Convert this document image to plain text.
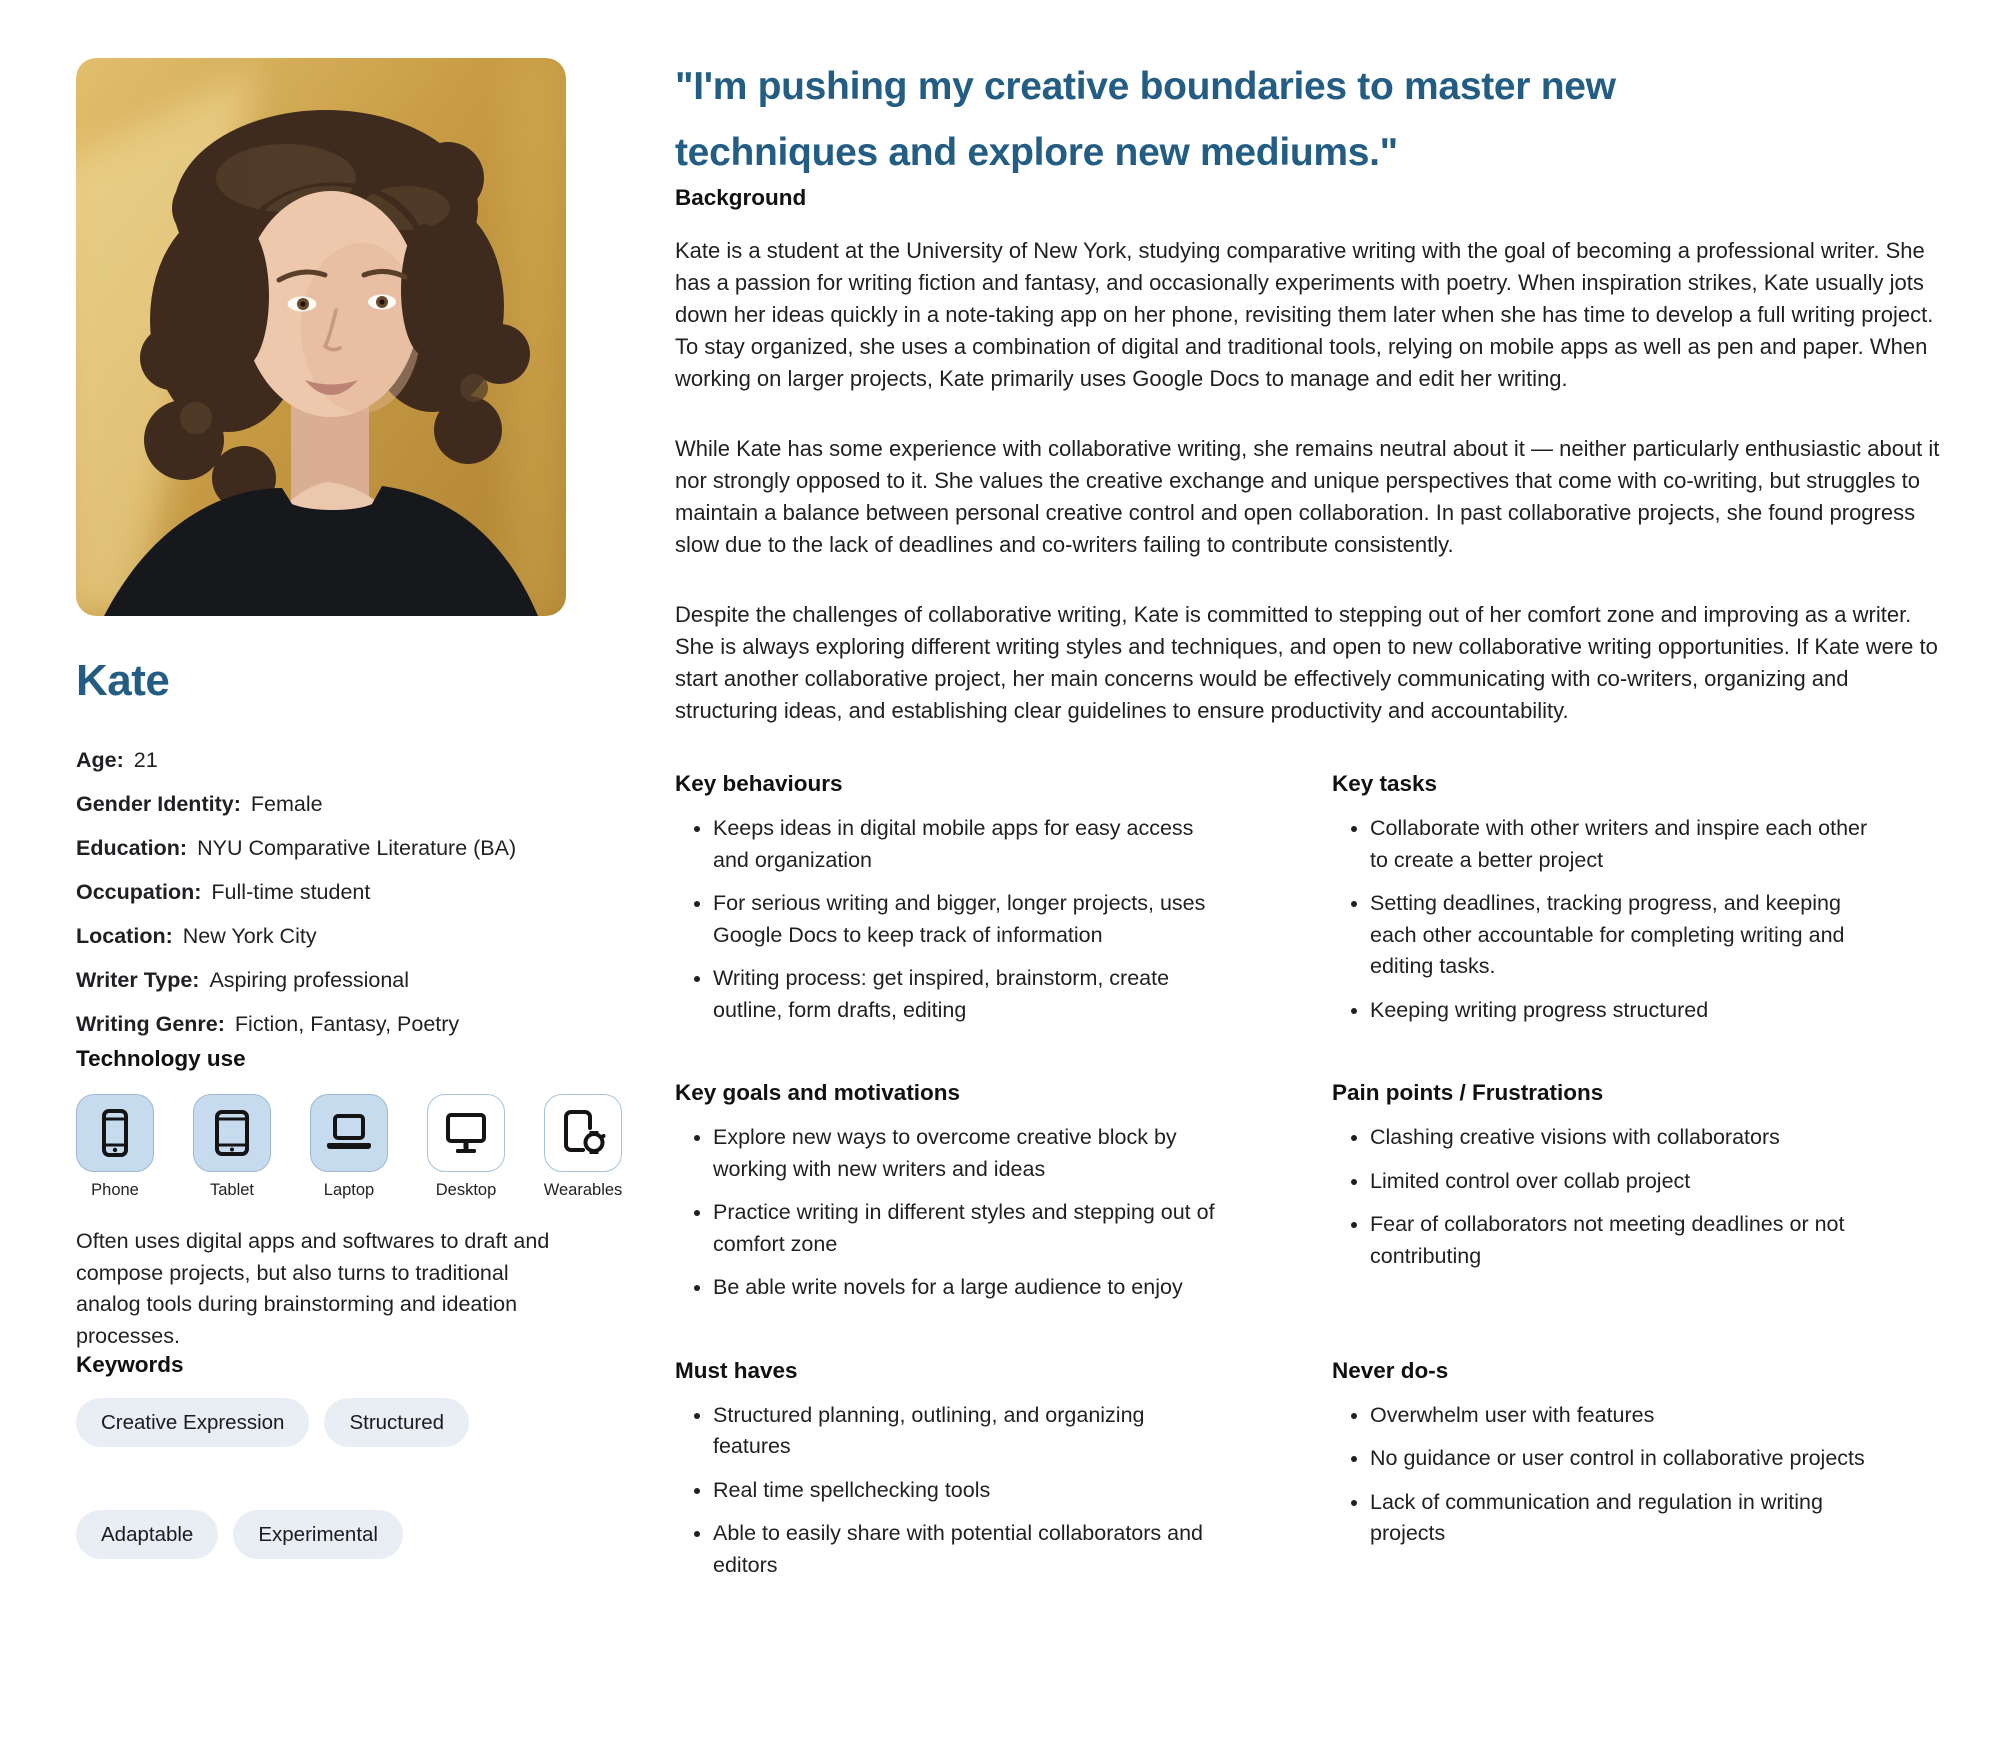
Kate
Age: 21
Gender Identity: Female
Education: NYU Comparative Literature (BA)
Occupation: Full-time student
Location: New York City
Writer Type: Aspiring professional
Writing Genre: Fiction, Fantasy, Poetry
Technology use
Phone	Tablet	Laptop	Desktop	Wearables

Often uses digital apps and softwares to draft and compose projects, but also turns to traditional analog tools during brainstorming and ideation processes.

Keywords
Creative Expression	Structured
Adaptable	Experimental
"I'm pushing my creative boundaries to master new techniques and explore new mediums."
Background

Kate is a student at the University of New York, studying comparative writing with the goal of becoming a professional writer. She has a passion for writing fiction and fantasy, and occasionally experiments with poetry. When inspiration strikes, Kate usually jots down her ideas quickly in a note-taking app on her phone, revisiting them later when she has time to develop a full writing project. To stay organized, she uses a combination of digital and traditional tools, relying on mobile apps as well as pen and paper. When working on larger projects, Kate primarily uses Google Docs to manage and edit her writing.

While Kate has some experience with collaborative writing, she remains neutral about it — neither particularly enthusiastic about it nor strongly opposed to it. She values the creative exchange and unique perspectives that come with co-writing, but struggles to maintain a balance between personal creative control and open collaboration. In past collaborative projects, she found progress slow due to the lack of deadlines and co-writers failing to contribute consistently.

Despite the challenges of collaborative writing, Kate is committed to stepping out of her comfort zone and improving as a writer. She is always exploring different writing styles and techniques, and open to new collaborative writing opportunities. If Kate were to start another collaborative project, her main concerns would be effectively communicating with co-writers, organizing and structuring ideas, and establishing clear guidelines to ensure productivity and accountability.

Key behaviours
• Keeps ideas in digital mobile apps for easy access and organization
• For serious writing and bigger, longer projects, uses Google Docs to keep track of information
• Writing process: get inspired, brainstorm, create outline, form drafts, editing
Key tasks
• Collaborate with other writers and inspire each other to create a better project
• Setting deadlines, tracking progress, and keeping each other accountable for completing writing and editing tasks.
• Keeping writing progress structured
Key goals and motivations
• Explore new ways to overcome creative block by working with new writers and ideas
• Practice writing in different styles and stepping out of comfort zone
• Be able write novels for a large audience to enjoy
Pain points / Frustrations
• Clashing creative visions with collaborators
• Limited control over collab project
• Fear of collaborators not meeting deadlines or not contributing
Must haves
• Structured planning, outlining, and organizing features
• Real time spellchecking tools
• Able to easily share with potential collaborators and editors
Never do-s
• Overwhelm user with features
• No guidance or user control in collaborative projects
• Lack of communication and regulation in writing projects
